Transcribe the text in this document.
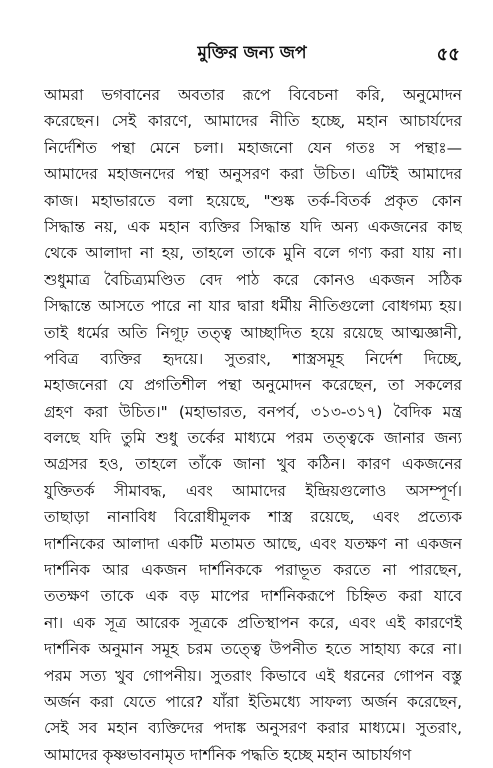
মুক্তির জন্য জপ	৫৫
আমরা ভগবানের অবতার রূপে বিবেচনা করি, অনুমোদন
করেছেন। সেই কারণে, আমাদের নীতি হচ্ছে, মহান আচার্যদের
নির্দেশিত পন্থা মেনে চলা। মহাজনো যেন গতঃ স পন্থাঃ—
আমাদের মহাজনদের পন্থা অনুসরণ করা উচিত। এটিই আমাদের
কাজ। মহাভারতে বলা হয়েছে, "শুষ্ক তর্ক-বিতর্ক প্রকৃত কোন
সিদ্ধান্ত নয়, এক মহান ব্যক্তির সিদ্ধান্ত যদি অন্য একজনের কাছ
থেকে আলাদা না হয়, তাহলে তাকে মুনি বলে গণ্য করা যায় না।
শুধুমাত্র বৈচিত্র্যমণ্ডিত বেদ পাঠ করে কোনও একজন সঠিক
সিদ্ধান্তে আসতে পারে না যার দ্বারা ধর্মীয় নীতিগুলো বোধগম্য হয়।
তাই ধর্মের অতি নিগূঢ় তত্ত্ব আচ্ছাদিত হয়ে রয়েছে আত্মজ্ঞানী,
পবিত্র ব্যক্তির হৃদয়ে। সুতরাং, শাস্ত্রসমূহ নির্দেশ দিচ্ছে,
মহাজনেরা যে প্রগতিশীল পন্থা অনুমোদন করেছেন, তা সকলের
গ্রহণ করা উচিত।" (মহাভারত, বনপর্ব, ৩১৩-৩১৭) বৈদিক মন্ত্র
বলছে যদি তুমি শুধু তর্কের মাধ্যমে পরম তত্ত্বকে জানার জন্য
অগ্রসর হও, তাহলে তাঁকে জানা খুব কঠিন। কারণ একজনের
যুক্তিতর্ক সীমাবদ্ধ, এবং আমাদের ইন্দ্রিয়গুলোও অসম্পূর্ণ।
তাছাড়া নানাবিধ বিরোধীমূলক শাস্ত্র রয়েছে, এবং প্রত্যেক
দার্শনিকের আলাদা একটি মতামত আছে, এবং যতক্ষণ না একজন
দার্শনিক আর একজন দার্শনিককে পরাভূত করতে না পারছেন,
ততক্ষণ তাকে এক বড় মাপের দার্শনিকরূপে চিহ্নিত করা যাবে
না। এক সূত্র আরেক সূত্রকে প্রতিস্থাপন করে, এবং এই কারণেই
দার্শনিক অনুমান সমূহ চরম তত্ত্বে উপনীত হতে সাহায্য করে না।
পরম সত্য খুব গোপনীয়। সুতরাং কিভাবে এই ধরনের গোপন বস্তু
অর্জন করা যেতে পারে? যাঁরা ইতিমধ্যে সাফল্য অর্জন করেছেন,
সেই সব মহান ব্যক্তিদের পদাঙ্ক অনুসরণ করার মাধ্যমে। সুতরাং,
আমাদের কৃষ্ণভাবনামৃত দার্শনিক পদ্ধতি হচ্ছে মহান আচার্যগণ
